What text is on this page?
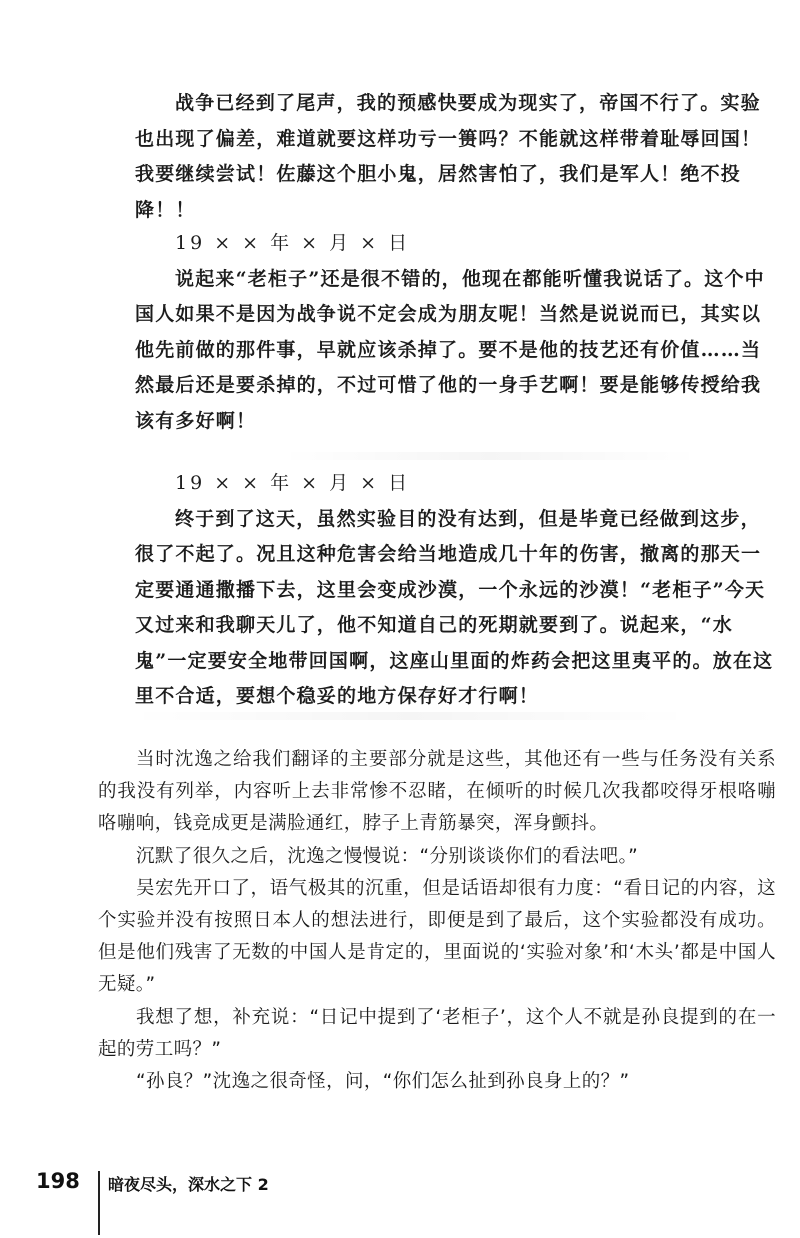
战争已经到了尾声，我的预感快要成为现实了，帝国不行了。实验也出现了偏差，难道就要这样功亏一篑吗？不能就这样带着耻辱回国！我要继续尝试！佐藤这个胆小鬼，居然害怕了，我们是军人！绝不投降！！

19 × × 年 × 月 × 日

说起来“老柜子”还是很不错的，他现在都能听懂我说话了。这个中国人如果不是因为战争说不定会成为朋友呢！当然是说说而已，其实以他先前做的那件事，早就应该杀掉了。要不是他的技艺还有价值……当然最后还是要杀掉的，不过可惜了他的一身手艺啊！要是能够传授给我该有多好啊！

19 × × 年 × 月 × 日

终于到了这天，虽然实验目的没有达到，但是毕竟已经做到这步，很了不起了。况且这种危害会给当地造成几十年的伤害，撤离的那天一定要通通撒播下去，这里会变成沙漠，一个永远的沙漠！“老柜子”今天又过来和我聊天儿了，他不知道自己的死期就要到了。说起来，“水鬼”一定要安全地带回国啊，这座山里面的炸药会把这里夷平的。放在这里不合适，要想个稳妥的地方保存好才行啊！

当时沈逸之给我们翻译的主要部分就是这些，其他还有一些与任务没有关系的我没有列举，内容听上去非常惨不忍睹，在倾听的时候几次我都咬得牙根咯嘣咯嘣响，钱竞成更是满脸通红，脖子上青筋暴突，浑身颤抖。

沉默了很久之后，沈逸之慢慢说：“分别谈谈你们的看法吧。”

吴宏先开口了，语气极其的沉重，但是话语却很有力度：“看日记的内容，这个实验并没有按照日本人的想法进行，即便是到了最后，这个实验都没有成功。但是他们残害了无数的中国人是肯定的，里面说的‘实验对象’和‘木头’都是中国人无疑。”

我想了想，补充说：“日记中提到了‘老柜子’，这个人不就是孙良提到的在一起的劳工吗？”

“孙良？”沈逸之很奇怪，问，“你们怎么扯到孙良身上的？”

198 暗夜尽头，深水之下 2
